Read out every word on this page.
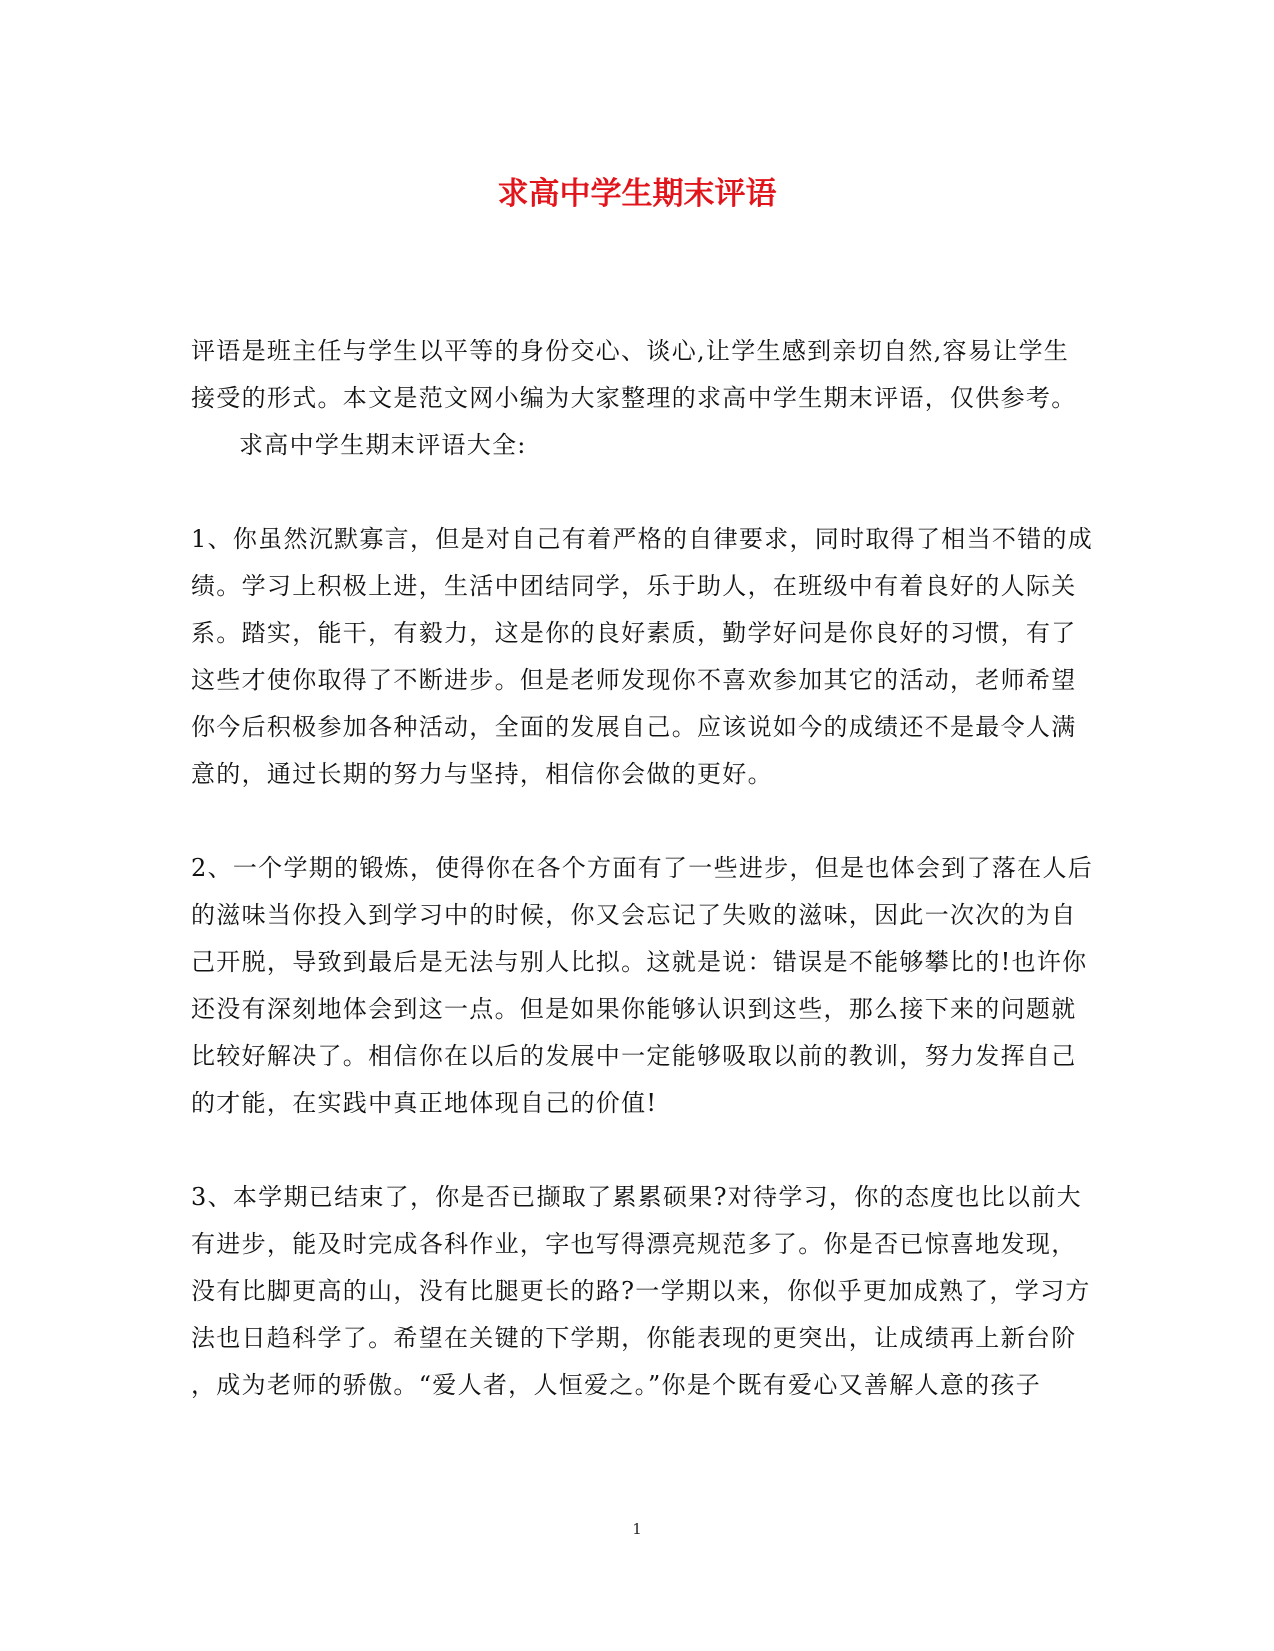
求高中学生期末评语
评语是班主任与学生以平等的身份交心、谈心,让学生感到亲切自然,容易让学生
接受的形式。本文是范文网小编为大家整理的求高中学生期末评语，仅供参考。
求高中学生期末评语大全:
1、你虽然沉默寡言，但是对自己有着严格的自律要求，同时取得了相当不错的成
绩。学习上积极上进，生活中团结同学，乐于助人，在班级中有着良好的人际关
系。踏实，能干，有毅力，这是你的良好素质，勤学好问是你良好的习惯，有了
这些才使你取得了不断进步。但是老师发现你不喜欢参加其它的活动，老师希望
你今后积极参加各种活动，全面的发展自己。应该说如今的成绩还不是最令人满
意的，通过长期的努力与坚持，相信你会做的更好。
2、一个学期的锻炼，使得你在各个方面有了一些进步，但是也体会到了落在人后
的滋味当你投入到学习中的时候，你又会忘记了失败的滋味，因此一次次的为自
己开脱，导致到最后是无法与别人比拟。这就是说：错误是不能够攀比的!也许你
还没有深刻地体会到这一点。但是如果你能够认识到这些，那么接下来的问题就
比较好解决了。相信你在以后的发展中一定能够吸取以前的教训，努力发挥自己
的才能，在实践中真正地体现自己的价值!
3、本学期已结束了，你是否已撷取了累累硕果?对待学习，你的态度也比以前大
有进步，能及时完成各科作业，字也写得漂亮规范多了。你是否已惊喜地发现，
没有比脚更高的山，没有比腿更长的路?一学期以来，你似乎更加成熟了，学习方
法也日趋科学了。希望在关键的下学期，你能表现的更突出，让成绩再上新台阶
，成为老师的骄傲。“爱人者，人恒爱之。”你是个既有爱心又善解人意的孩子
1
